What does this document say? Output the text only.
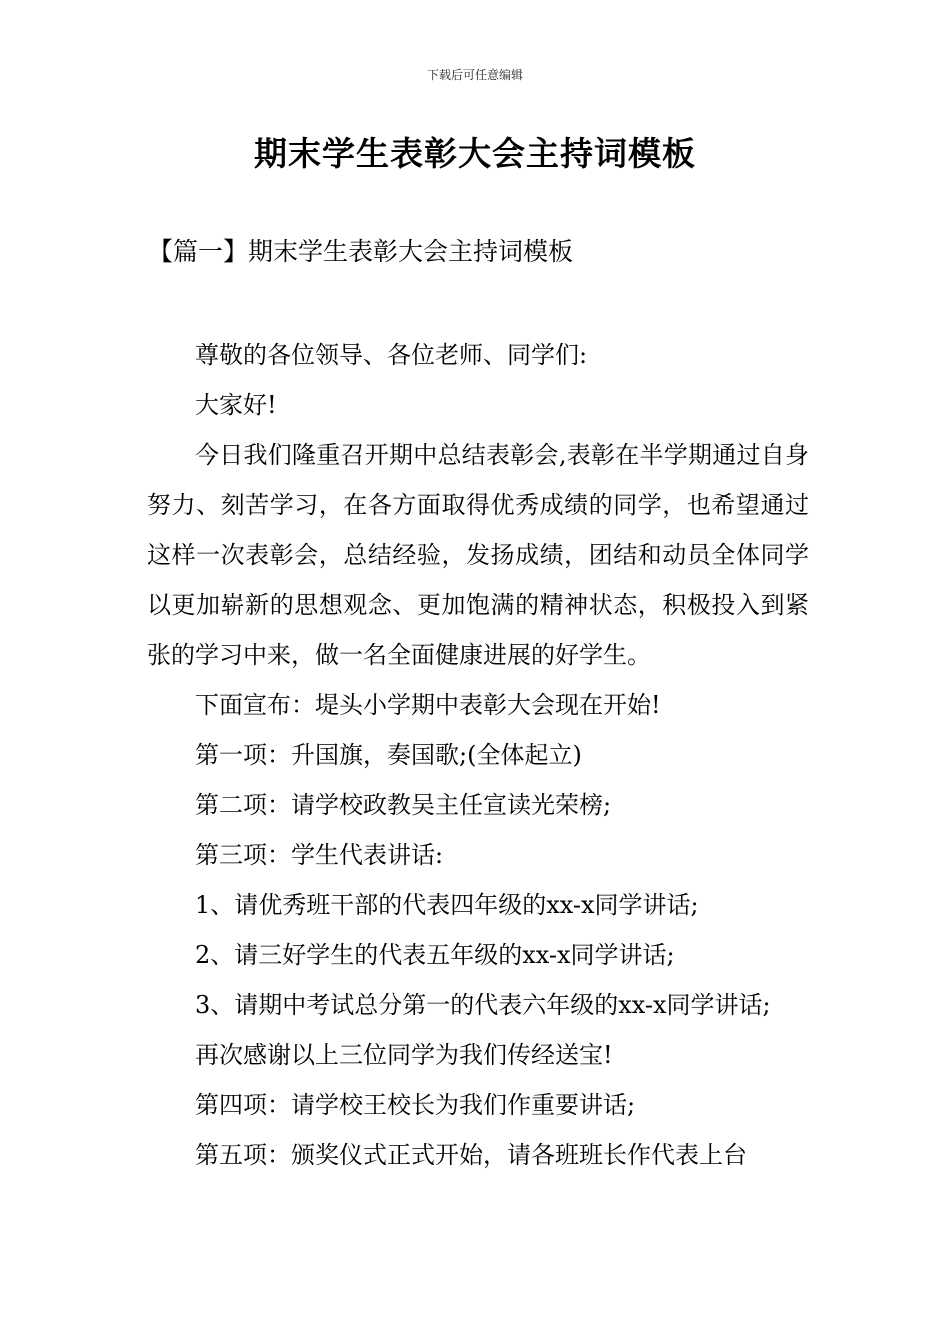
下载后可任意编辑
期末学生表彰大会主持词模板
【篇一】期末学生表彰大会主持词模板

尊敬的各位领导、各位老师、同学们:

大家好!

今日我们隆重召开期中总结表彰会,表彰在半学期通过自身努力、刻苦学习，在各方面取得优秀成绩的同学，也希望通过这样一次表彰会，总结经验，发扬成绩，团结和动员全体同学以更加崭新的思想观念、更加饱满的精神状态，积极投入到紧张的学习中来，做一名全面健康进展的好学生。

下面宣布：堤头小学期中表彰大会现在开始!

第一项：升国旗，奏国歌;(全体起立)

第二项：请学校政教吴主任宣读光荣榜;

第三项：学生代表讲话:

1、请优秀班干部的代表四年级的xx-x同学讲话;

2、请三好学生的代表五年级的xx-x同学讲话;

3、请期中考试总分第一的代表六年级的xx-x同学讲话;

再次感谢以上三位同学为我们传经送宝!

第四项：请学校王校长为我们作重要讲话;

第五项：颁奖仪式正式开始，请各班班长作代表上台
